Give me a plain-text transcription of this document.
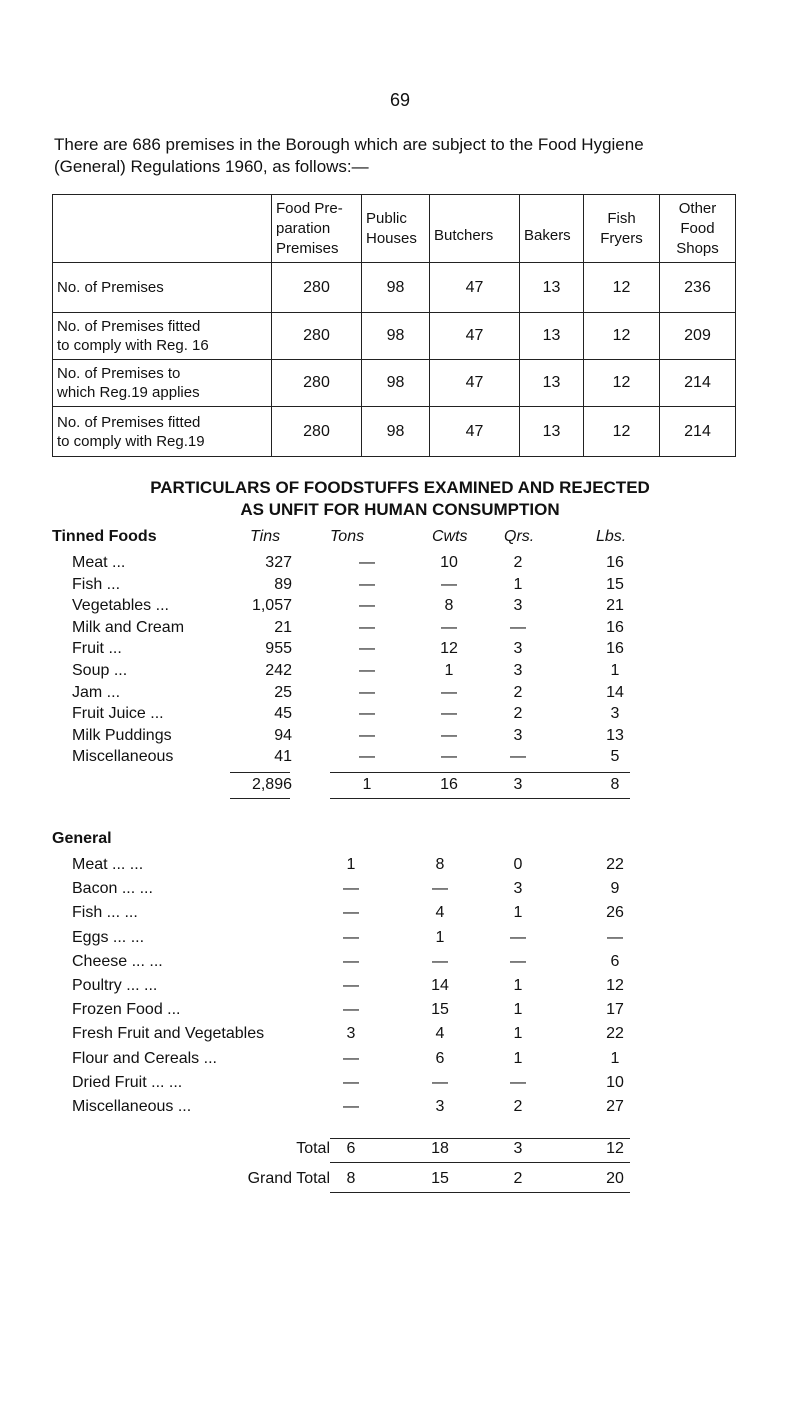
69
There are 686 premises in the Borough which are subject to the Food Hygiene
(General) Regulations 1960, as follows:—

	Food Pre-
paration
Premises	Public
Houses	Butchers	Bakers	Fish
Fryers	Other
Food
Shops

No. of Premises	280	98	47	13	12	236

No. of Premises fitted
to comply with Reg. 16	280	98	47	13	12	209

No. of Premises to
which Reg.19 applies	280	98	47	13	12	214

No. of Premises fitted
to comply with Reg.19	280	98	47	13	12	214
PARTICULARS OF FOODSTUFFS EXAMINED AND REJECTED
AS UNFIT FOR HUMAN CONSUMPTION
Tinned Foods	Tins	Tons	Cwts Qrs.	Lbs.
Meat ...	327	—	10	2	16
Fish ...	89	—	—	1	15
Vegetables ...	1,057	—	8	3	21
Milk and Cream	21	—	—	—	16
Fruit ...	955	—	12	3	16
Soup ...	242	—	1	3	1
Jam ...	25	—	—	2	14
Fruit Juice ...	45	—	—	2	3
Milk Puddings	94	—	—	3	13
Miscellaneous	41	—	—	—	5
2,896	1	16	3	8
General
Meat ... ...	1	8	0	22
Bacon ... ...	—	—	3	9
Fish ... ...	—	4	1	26
Eggs ... ...	—	1	—	—
Cheese ... ...	—	—	—	6
Poultry ... ...	—	14	1	12
Frozen Food ...	—	15	1	17
Fresh Fruit and Vegetables	3	4	1	22
Flour and Cereals ...	—	6	1	1
Dried Fruit ... ...	—	—	—	10
Miscellaneous ...	—	3	2	27
Total	6	18	3	12
Grand Total	8	15	2	20
